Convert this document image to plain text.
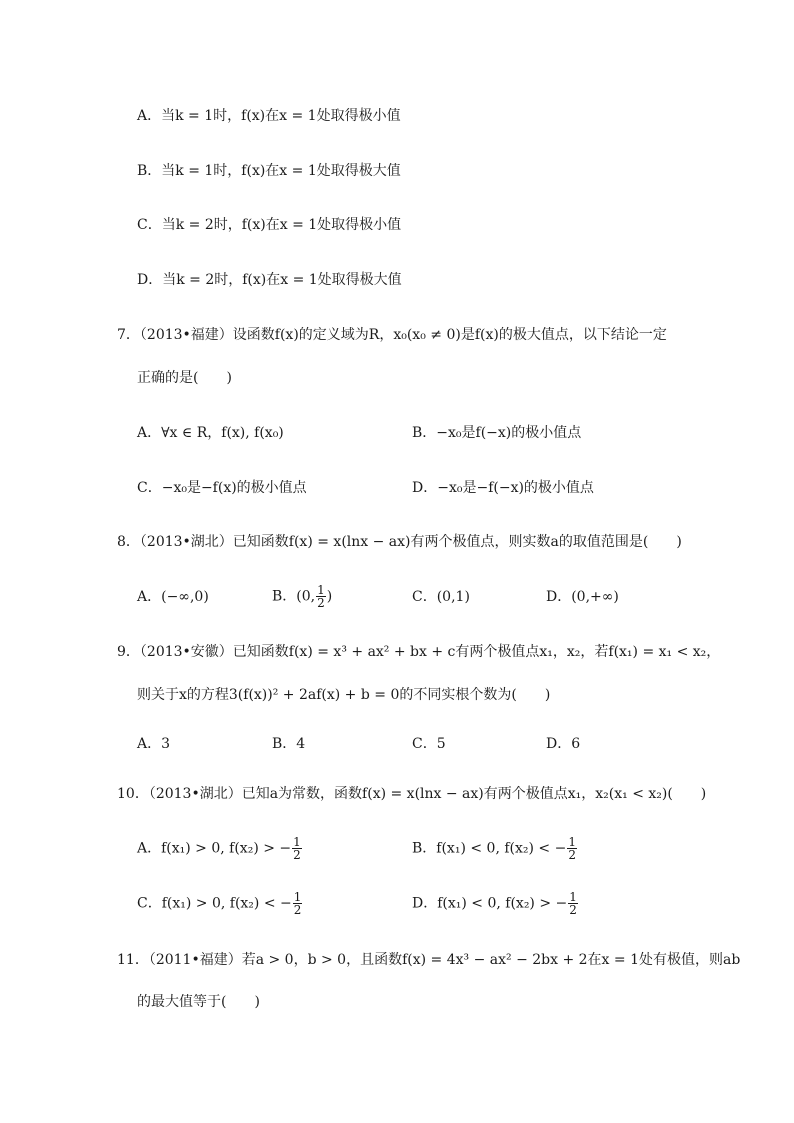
A．当k = 1时，f(x)在x = 1处取得极小值
B．当k = 1时，f(x)在x = 1处取得极大值
C．当k = 2时，f(x)在x = 1处取得极小值
D．当k = 2时，f(x)在x = 1处取得极大值
7．（2013•福建）设函数f(x)的定义域为R，x₀(x₀ ≠ 0)是f(x)的极大值点，以下结论一定
正确的是(　　)
A．∀x ∈ R，f(x), f(x₀)	B．−x₀是f(−x)的极小值点
C．−x₀是−f(x)的极小值点	D．−x₀是−f(−x)的极小值点
8．（2013•湖北）已知函数f(x) = x(lnx − ax)有两个极值点，则实数a的取值范围是(　　)
A．(−∞,0)	B．(0, $\frac{1}{2}$ )	C．(0,1)	D．(0,+∞)
9．（2013•安徽）已知函数f(x) = x³ + ax² + bx + c有两个极值点x₁，x₂，若f(x₁) = x₁ < x₂，
则关于x的方程3(f(x))² + 2af(x) + b = 0的不同实根个数为(　　)
A．3	B．4	C．5	D．6
10．（2013•湖北）已知a为常数，函数f(x) = x(lnx − ax)有两个极值点x₁，x₂(x₁ < x₂)(　　)
A．f(x₁) > 0, f(x₂) > − $\frac{1}{2}$	B．f(x₁) < 0, f(x₂) < − $\frac{1}{2}$
C．f(x₁) > 0, f(x₂) < − $\frac{1}{2}$	D．f(x₁) < 0, f(x₂) > − $\frac{1}{2}$
11．（2011•福建）若a > 0，b > 0，且函数f(x) = 4x³ − ax² − 2bx + 2在x = 1处有极值，则ab
的最大值等于(　　)
